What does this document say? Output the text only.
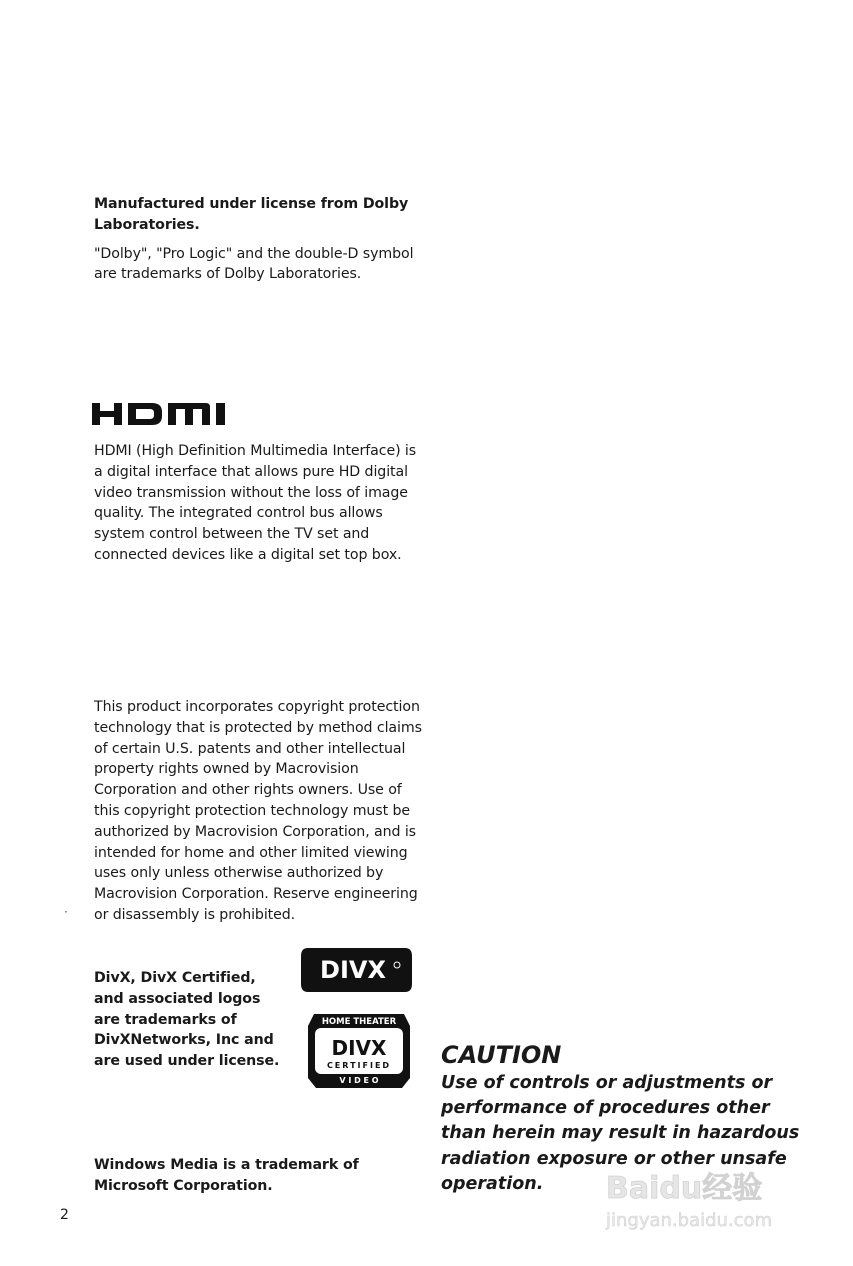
Manufactured under license from Dolby Laboratories.

"Dolby", "Pro Logic" and the double-D symbol are trademarks of Dolby Laboratories.

HDMI (High Definition Multimedia Interface) is a digital interface that allows pure HD digital video transmission without the loss of image quality. The integrated control bus allows system control between the TV set and connected devices like a digital set top box.
This product incorporates copyright protection technology that is protected by method claims of certain U.S. patents and other intellectual property rights owned by Macrovision Corporation and other rights owners. Use of this copyright protection technology must be authorized by Macrovision Corporation, and is intended for home and other limited viewing uses only unless otherwise authorized by Macrovision Corporation. Reserve engineering or disassembly is prohibited.
·
DivX, DivX Certified, and associated logos are trademarks of DivXNetworks, Inc and are used under license.
DIVX
HOME THEATER
DIVX
CERTIFIED
V I D E O
Windows Media is a trademark of Microsoft Corporation.
CAUTION
Use of controls or adjustments or performance of procedures other than herein may result in hazardous radiation exposure or other unsafe operation.
2
Baidu经验
jingyan.baidu.com
